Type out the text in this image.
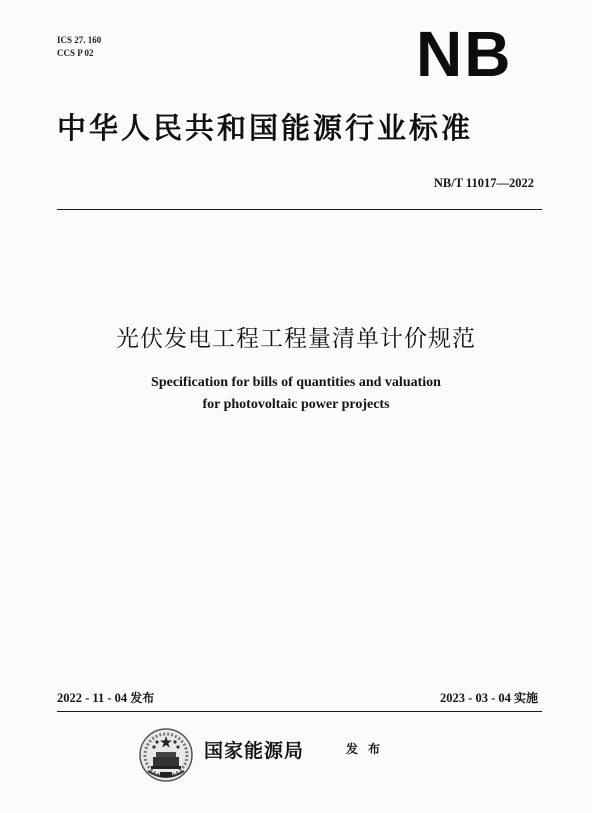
ICS 27. 160
CCS P 02	NB
中华人民共和国能源行业标准
NB/T 11017—2022
光伏发电工程工程量清单计价规范
Specification for bills of quantities and valuation
for photovoltaic power projects
2022 - 11 - 04 发布	2023 - 03 - 04 实施
国家能源局	发布
